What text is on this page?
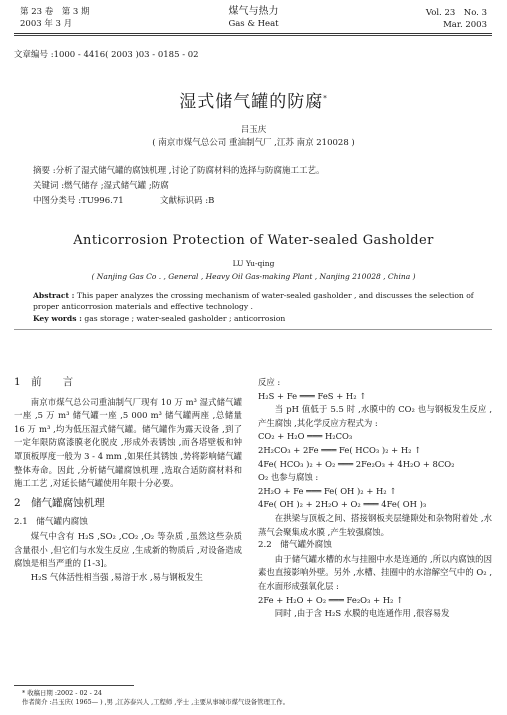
第 23 卷　第 3 期
2003 年 3 月
煤气与热力
Gas & Heat
Vol. 23　No. 3
Mar. 2003
文章编号 :1000 - 4416( 2003 )03 - 0185 - 02
湿式储气罐的防腐*
吕玉庆
( 南京市煤气总公司 重油制气厂 ,江苏 南京 210028 )
摘要 :分析了湿式储气罐的腐蚀机理 ,讨论了防腐材料的选择与防腐施工工艺。
关键词 :燃气储存 ;湿式储气罐 ;防腐
中图分类号 :TU996.71	文献标识码 :B
Anticorrosion Protection of Water-sealed Gasholder
LU Yu-qing
( Nanjing Gas Co . , General , Heavy Oil Gas-making Plant , Nanjing 210028 , China )
Abstract : This paper analyzes the crossing mechanism of water-sealed gasholder , and discusses the selection of proper anticorrosion materials and effective technology .
Key words : gas storage ; water-sealed gasholder ; anticorrosion

1　前　　言

南京市煤气总公司重油制气厂现有 10 万 m³ 湿式储气罐一座 ,5 万 m³ 储气罐一座 ,5 000 m³ 储气罐两座 ,总储量 16 万 m³ ,均为低压湿式储气罐。储气罐作为露天设备 ,到了一定年限防腐漆膜老化脱皮 ,形成外表锈蚀 ,而各塔壁板和钟罩顶板厚度一般为 3 - 4 mm ,如果任其锈蚀 ,势将影响储气罐整体寿命。因此 ,分析储气罐腐蚀机理 ,选取合适防腐材料和施工工艺 ,对延长储气罐使用年限十分必要。

2　储气罐腐蚀机理

2.1　储气罐内腐蚀

煤气中含有 H₂S ,SO₂ ,CO₂ ,O₂ 等杂质 ,虽然这些杂质含量很小 ,但它们与水发生反应 ,生成新的物质后 ,对设备造成腐蚀是相当严重的 [1-3]。

H₂S 气体活性相当强 ,易溶于水 ,易与钢板发生

反应 :

H₂S + Fe ═══ FeS + H₂ ↑

当 pH 值低于 5.5 时 ,水膜中的 CO₂ 也与钢板发生反应 ,产生腐蚀 ,其化学反应方程式为 :

CO₂ + H₂O ═══ H₂CO₃

2H₂CO₃ + 2Fe ═══ Fe( HCO₃ )₂ + H₂ ↑

4Fe( HCO₃ )₂ + O₂ ═══ 2Fe₂O₃ + 4H₂O + 8CO₂

O₂ 也参与腐蚀 :

2H₂O + Fe ═══ Fe( OH )₂ + H₂ ↑

4Fe( OH )₂ + 2H₂O + O₂ ═══ 4Fe( OH )₃

在拱梁与顶板之间、搭接钢板夹层缝隙处和杂物附着处 ,水蒸气会聚集成水膜 ,产生较强腐蚀。

2.2　储气罐外腐蚀

由于储气罐水槽的水与挂圈中水是连通的 ,所以内腐蚀的因素也直接影响外壁。另外 ,水槽、挂圈中的水溶解空气中的 O₂ ,在水面形成强氧化层 :

2Fe + H₂O + O₂ ═══ Fe₂O₃ + H₂ ↑

同时 ,由于含 H₂S 水膜的电连通作用 ,很容易发

* 收稿日期 :2002 - 02 - 24
作者简介 :吕玉庆( 1965— ) ,男 ,江苏泰兴人 ,工程师 ,学士 ,主要从事城市煤气设备管理工作。
